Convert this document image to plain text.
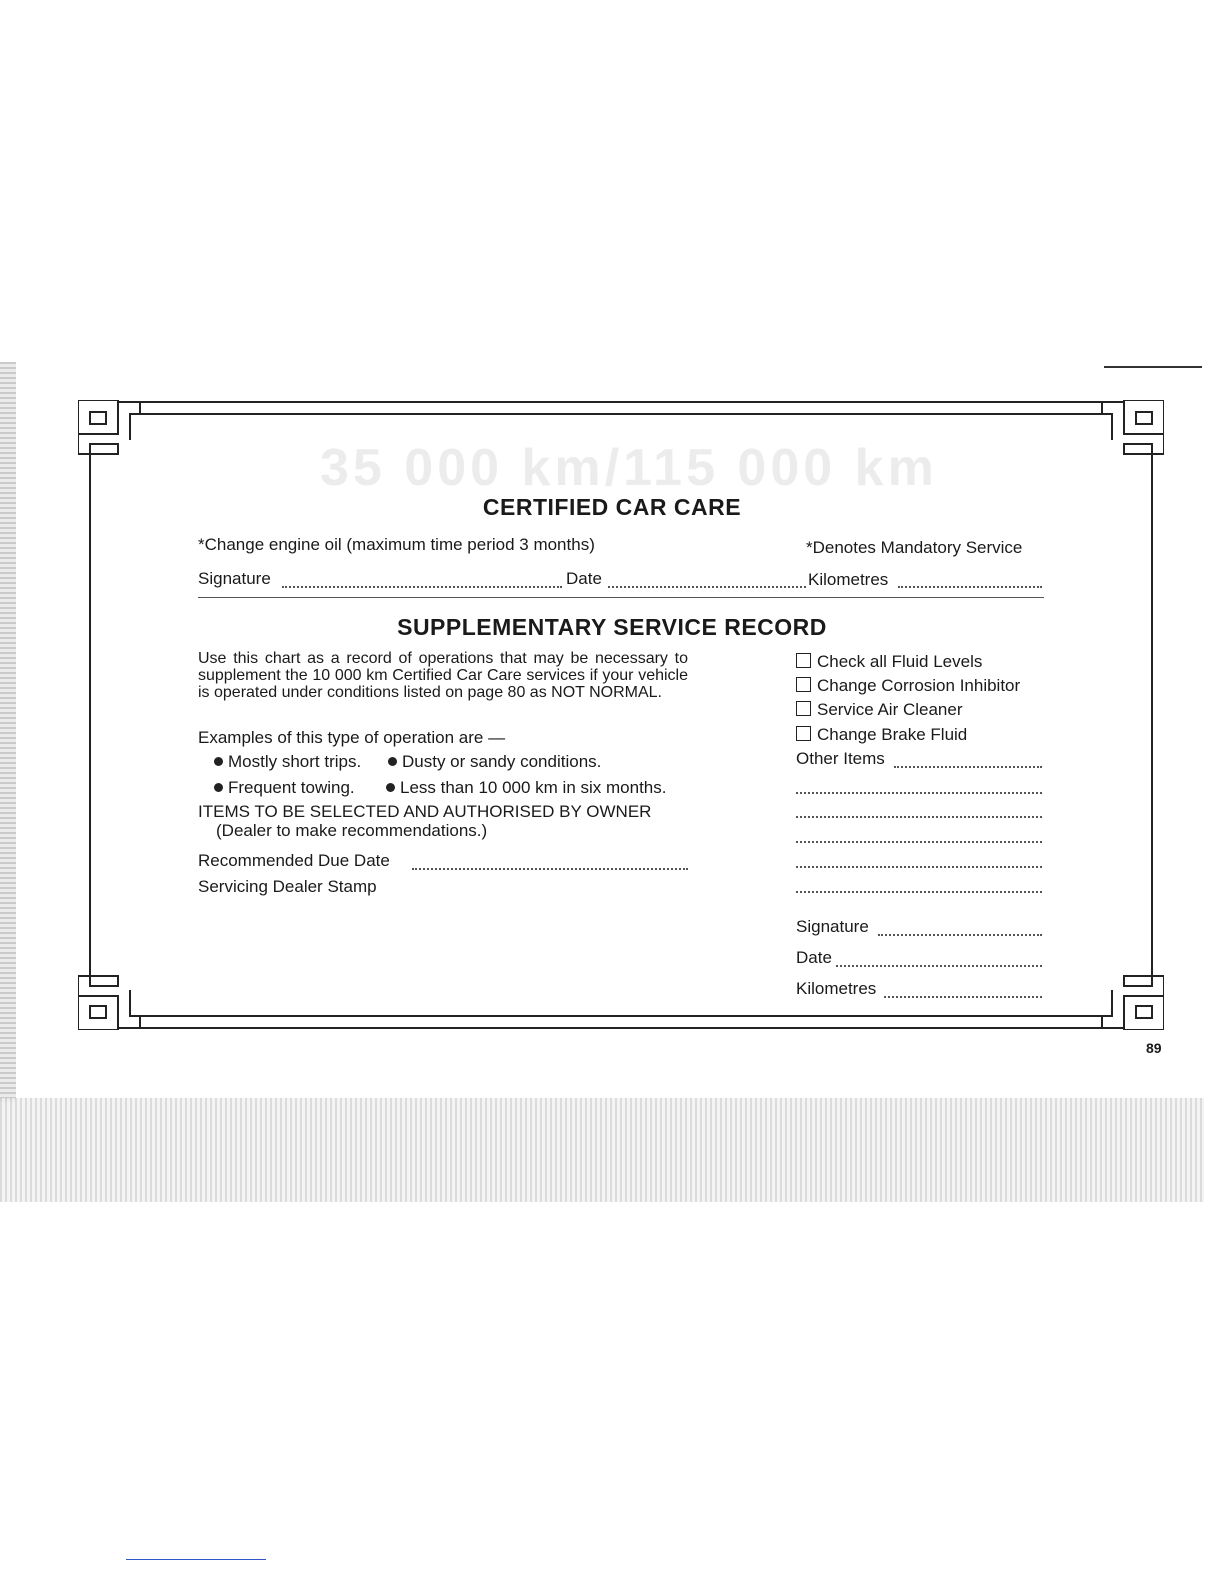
35 000 km/115 000 km
CERTIFIED CAR CARE
*Change engine oil (maximum time period 3 months)	*Denotes Mandatory Service
Signature	Date	Kilometres
SUPPLEMENTARY SERVICE RECORD
Use this chart as a record of operations that may be necessary to supplement the 10 000 km Certified Car Care services if your vehicle is operated under conditions listed on page 80 as NOT NORMAL.
Examples of this type of operation are —
Mostly short trips.	Dusty or sandy conditions.
Frequent towing.	Less than 10 000 km in six months.
ITEMS TO BE SELECTED AND AUTHORISED BY OWNER
(Dealer to make recommendations.)
Recommended Due Date
Servicing Dealer Stamp
Check all Fluid Levels
Change Corrosion Inhibitor
Service Air Cleaner
Change Brake Fluid
Other Items
Signature
Date
Kilometres
89
